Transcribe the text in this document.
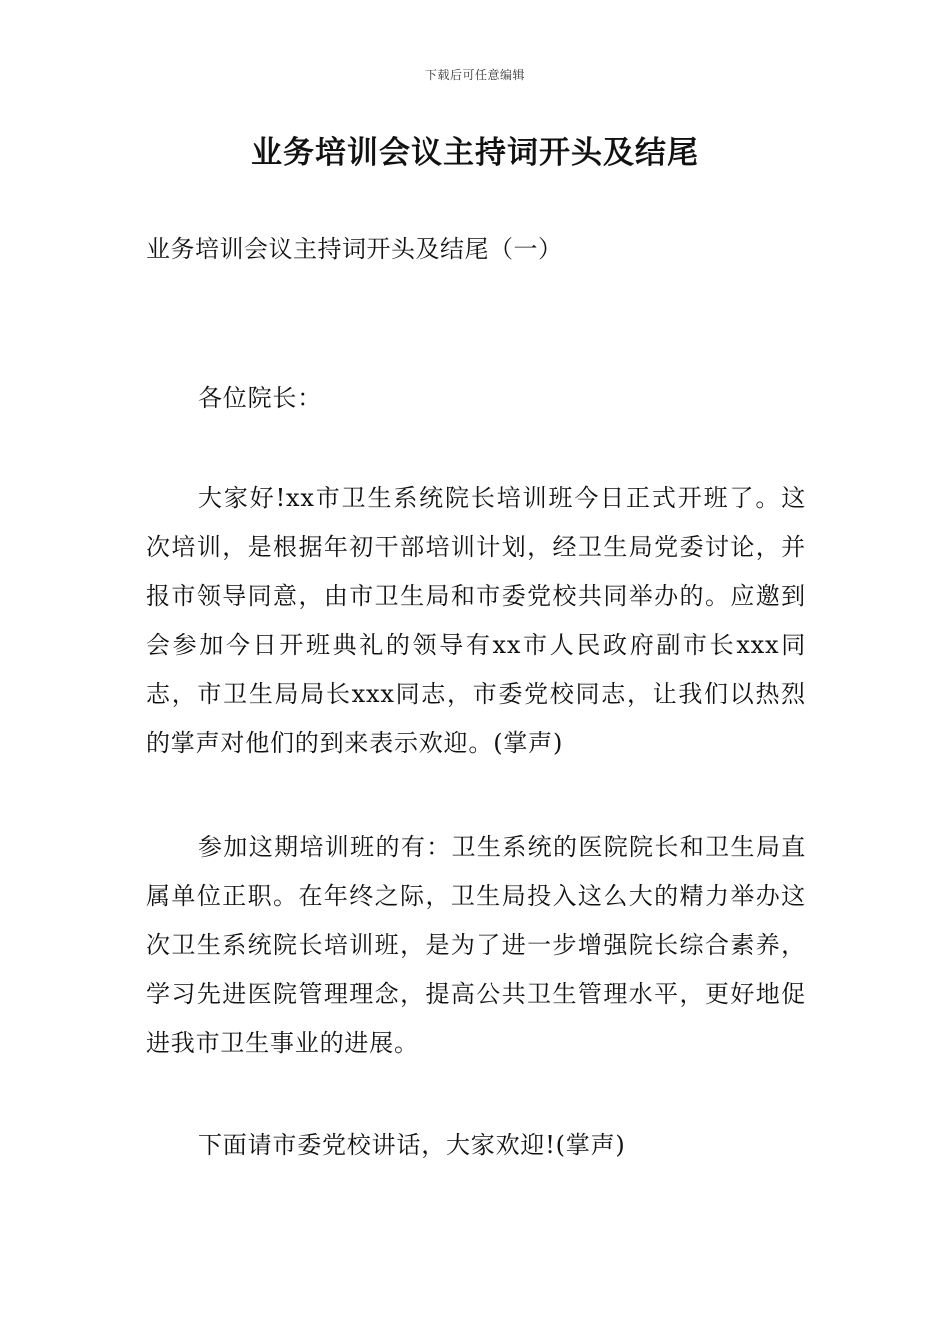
下载后可任意编辑
业务培训会议主持词开头及结尾
业务培训会议主持词开头及结尾（一）

各位院长：

大家好!xx市卫生系统院长培训班今日正式开班了。这次培训，是根据年初干部培训计划，经卫生局党委讨论，并报市领导同意，由市卫生局和市委党校共同举办的。应邀到会参加今日开班典礼的领导有xx市人民政府副市长xxx同志，市卫生局局长xxx同志，市委党校同志，让我们以热烈的掌声对他们的到来表示欢迎。(掌声)

参加这期培训班的有：卫生系统的医院院长和卫生局直属单位正职。在年终之际，卫生局投入这么大的精力举办这次卫生系统院长培训班，是为了进一步增强院长综合素养，学习先进医院管理理念，提高公共卫生管理水平，更好地促进我市卫生事业的进展。

下面请市委党校讲话，大家欢迎!(掌声)
